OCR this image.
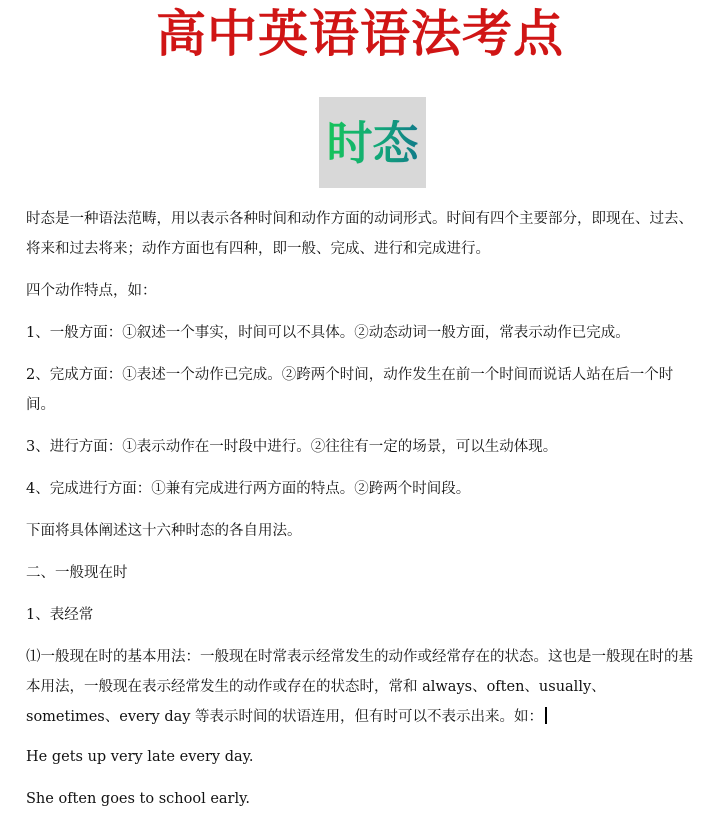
高中英语语法考点
时态

时态是一种语法范畴，用以表示各种时间和动作方面的动词形式。时间有四个主要部分，即现在、过去、将来和过去将来；动作方面也有四种，即一般、完成、进行和完成进行。

四个动作特点，如：

1、一般方面：①叙述一个事实，时间可以不具体。②动态动词一般方面，常表示动作已完成。

2、完成方面：①表述一个动作已完成。②跨两个时间，动作发生在前一个时间而说话人站在后一个时间。

3、进行方面：①表示动作在一时段中进行。②往往有一定的场景，可以生动体现。

4、完成进行方面：①兼有完成进行两方面的特点。②跨两个时间段。

下面将具体阐述这十六种时态的各自用法。

二、一般现在时

1、表经常

⑴一般现在时的基本用法：一般现在时常表示经常发生的动作或经常存在的状态。这也是一般现在时的基本用法，一般现在表示经常发生的动作或存在的状态时，常和 always、often、usually、sometimes、every day 等表示时间的状语连用，但有时可以不表示出来。如：

He gets up very late every day.

She often goes to school early.
